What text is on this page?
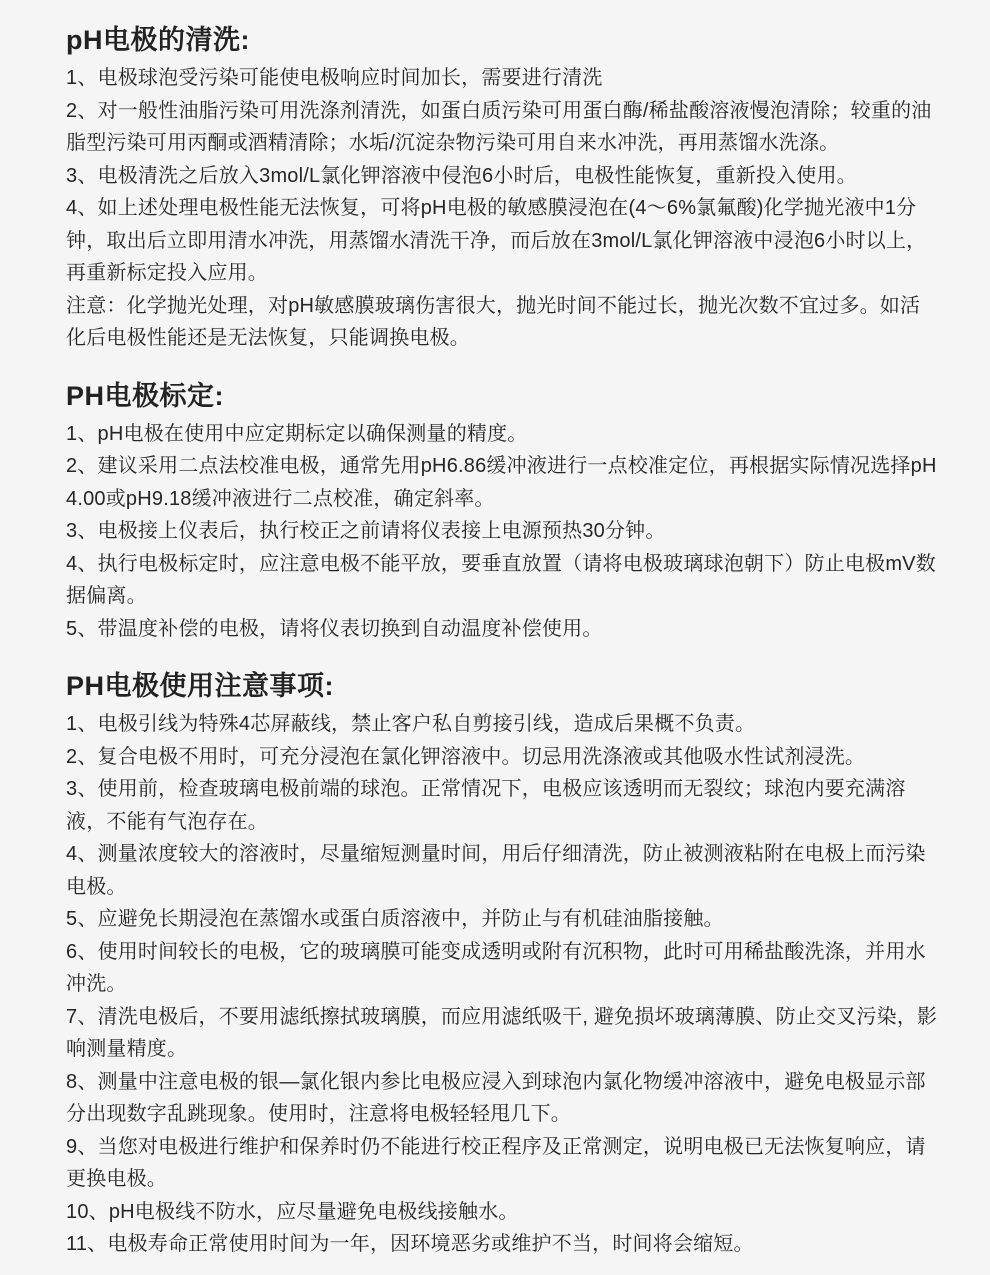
pH电极的清洗:

1、电极球泡受污染可能使电极响应时间加长，需要进行清洗

2、对一般性油脂污染可用洗涤剂清洗，如蛋白质污染可用蛋白酶/稀盐酸溶液慢泡清除；较重的油脂型污染可用丙酮或酒精清除；水垢/沉淀杂物污染可用自来水冲洗，再用蒸馏水洗涤。

3、电极清洗之后放入3mol/L氯化钾溶液中侵泡6小时后，电极性能恢复，重新投入使用。

4、如上述处理电极性能无法恢复，可将pH电极的敏感膜浸泡在(4～6%氯氟酸)化学抛光液中1分钟，取出后立即用清水冲洗，用蒸馏水清洗干净，而后放在3mol/L氯化钾溶液中浸泡6小时以上，再重新标定投入应用。

注意：化学抛光处理，对pH敏感膜玻璃伤害很大，抛光时间不能过长，抛光次数不宜过多。如活化后电极性能还是无法恢复，只能调换电极。

PH电极标定:

1、pH电极在使用中应定期标定以确保测量的精度。

2、建议采用二点法校准电极，通常先用pH6.86缓冲液进行一点校准定位，再根据实际情况选择pH4.00或pH9.18缓冲液进行二点校准，确定斜率。

3、电极接上仪表后，执行校正之前请将仪表接上电源预热30分钟。

4、执行电极标定时，应注意电极不能平放，要垂直放置（请将电极玻璃球泡朝下）防止电极mV数据偏离。

5、带温度补偿的电极，请将仪表切换到自动温度补偿使用。

PH电极使用注意事项:

1、电极引线为特殊4芯屏蔽线，禁止客户私自剪接引线，造成后果概不负责。

2、复合电极不用时，可充分浸泡在氯化钾溶液中。切忌用洗涤液或其他吸水性试剂浸洗。

3、使用前，检查玻璃电极前端的球泡。正常情况下，电极应该透明而无裂纹；球泡内要充满溶液，不能有气泡存在。

4、测量浓度较大的溶液时，尽量缩短测量时间，用后仔细清洗，防止被测液粘附在电极上而污染电极。

5、应避免长期浸泡在蒸馏水或蛋白质溶液中，并防止与有机硅油脂接触。

6、使用时间较长的电极，它的玻璃膜可能变成透明或附有沉积物，此时可用稀盐酸洗涤，并用水冲洗。

7、清洗电极后，不要用滤纸擦拭玻璃膜，而应用滤纸吸干, 避免损坏玻璃薄膜、防止交叉污染，影响测量精度。

8、测量中注意电极的银—氯化银内参比电极应浸入到球泡内氯化物缓冲溶液中，避免电极显示部分出现数字乱跳现象。使用时，注意将电极轻轻甩几下。

9、当您对电极进行维护和保养时仍不能进行校正程序及正常测定，说明电极已无法恢复响应，请更换电极。

10、pH电极线不防水，应尽量避免电极线接触水。

11、电极寿命正常使用时间为一年，因环境恶劣或维护不当，时间将会缩短。
